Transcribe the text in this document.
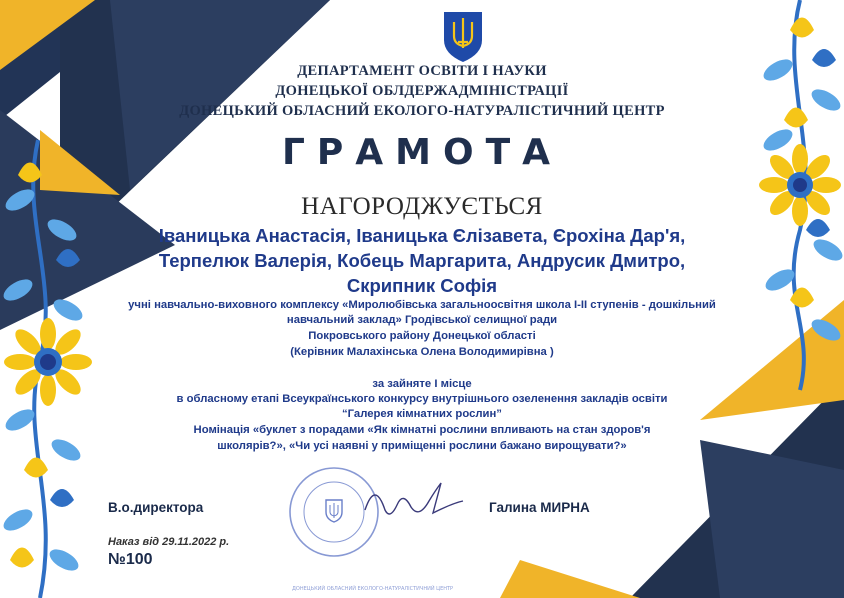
ДЕПАРТАМЕНТ ОСВІТИ І НАУКИ
ДОНЕЦЬКОЇ ОБЛДЕРЖАДМІНІСТРАЦІЇ
ДОНЕЦЬКИЙ ОБЛАСНИЙ ЕКОЛОГО-НАТУРАЛІСТИЧНИЙ ЦЕНТР
ГРАМОТА
НАГОРОДЖУЄТЬСЯ
Іваницька Анастасія, Іваницька Єлізавета, Єрохіна Дар'я,
Терпелюк Валерія, Кобець Маргарита, Андрусик Дмитро,
Скрипник Софія
учні навчально-виховного комплексу «Миролюбівська загальноосвітня школа І-ІІ ступенів - дошкільний
навчальний заклад» Гродівської селищної ради
Покровського району Донецької області
(Керівник Малахінська Олена Володимирівна )
за зайняте І місце
в обласному етапі Всеукраїнського конкурсу внутрішнього озеленення закладів освіти
“Галерея кімнатних рослин”
Номінація «буклет з порадами «Як кімнатні рослини впливають на стан здоров'я
школярів?», «Чи усі наявні у приміщенні рослини бажано вирощувати?»
В.о.директора	Галина МИРНА
Наказ від 29.11.2022 р.
№100
ДОНЕЦЬКИЙ ОБЛАСНИЙ ЕКОЛОГО-НАТУРАЛІСТИЧНИЙ ЦЕНТР
